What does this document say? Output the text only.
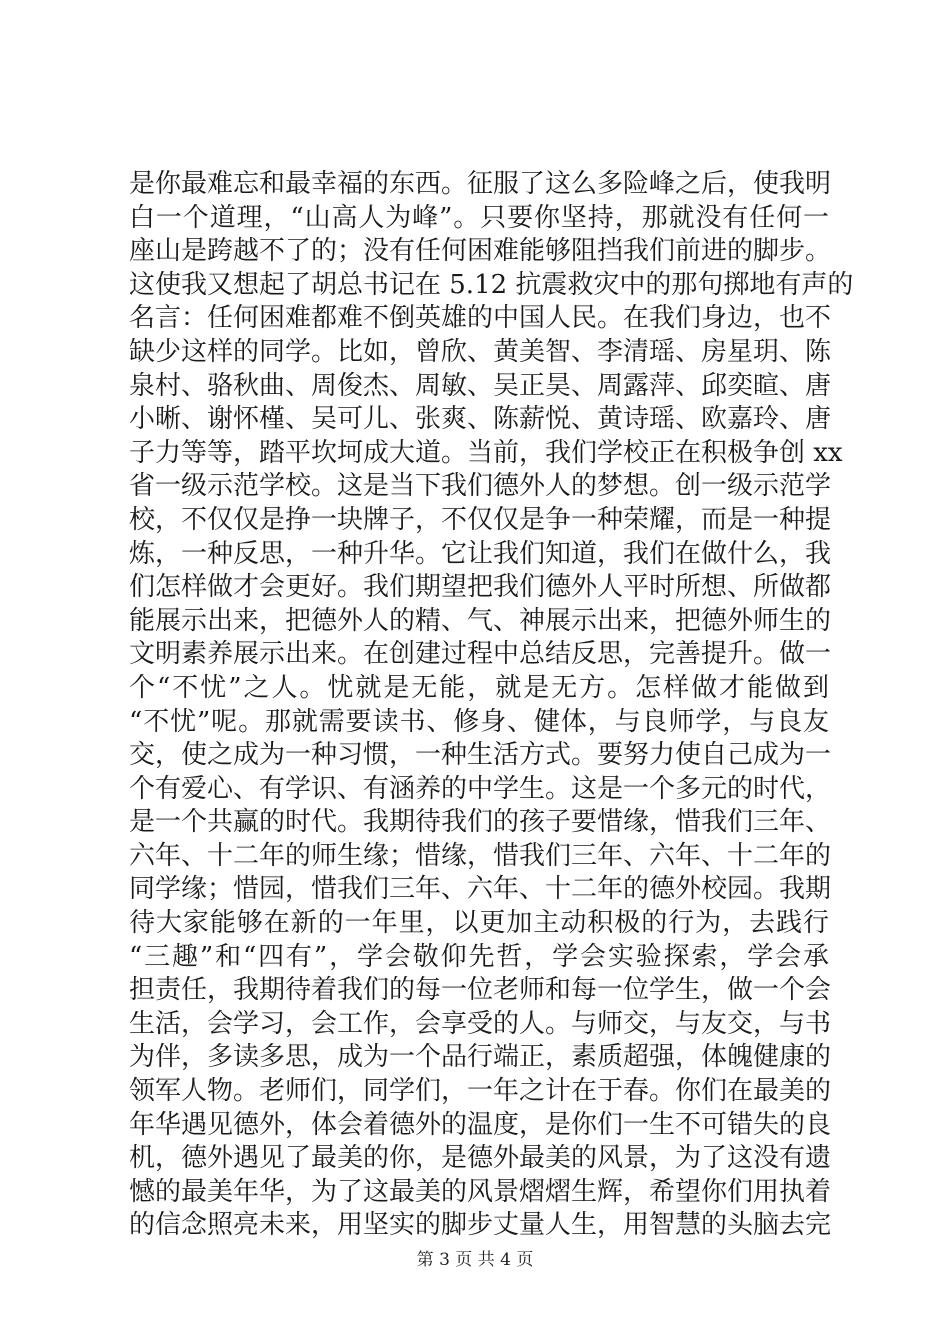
是你最难忘和最幸福的东西。征服了这么多险峰之后，使我明
白一个道理，“山高人为峰”。只要你坚持，那就没有任何一
座山是跨越不了的；没有任何困难能够阻挡我们前进的脚步。
这使我又想起了胡总书记在 5.12 抗震救灾中的那句掷地有声的
名言：任何困难都难不倒英雄的中国人民。在我们身边，也不
缺少这样的同学。比如，曾欣、黄美智、李清瑶、房星玥、陈
泉村、骆秋曲、周俊杰、周敏、吴正昊、周露萍、邱奕暄、唐
小晰、谢怀槿、吴可儿、张爽、陈薪悦、黄诗瑶、欧嘉玲、唐
子力等等，踏平坎坷成大道。当前，我们学校正在积极争创 xx
省一级示范学校。这是当下我们德外人的梦想。创一级示范学
校，不仅仅是挣一块牌子，不仅仅是争一种荣耀，而是一种提
炼，一种反思，一种升华。它让我们知道，我们在做什么，我
们怎样做才会更好。我们期望把我们德外人平时所想、所做都
能展示出来，把德外人的精、气、神展示出来，把德外师生的
文明素养展示出来。在创建过程中总结反思，完善提升。做一
个“不忧”之人。忧就是无能，就是无方。怎样做才能做到
“不忧”呢。那就需要读书、修身、健体，与良师学，与良友
交，使之成为一种习惯，一种生活方式。要努力使自己成为一
个有爱心、有学识、有涵养的中学生。这是一个多元的时代，
是一个共赢的时代。我期待我们的孩子要惜缘，惜我们三年、
六年、十二年的师生缘；惜缘，惜我们三年、六年、十二年的
同学缘；惜园，惜我们三年、六年、十二年的德外校园。我期
待大家能够在新的一年里，以更加主动积极的行为，去践行
“三趣”和“四有”，学会敬仰先哲，学会实验探索，学会承
担责任，我期待着我们的每一位老师和每一位学生，做一个会
生活，会学习，会工作，会享受的人。与师交，与友交，与书
为伴，多读多思，成为一个品行端正，素质超强，体魄健康的
领军人物。老师们，同学们，一年之计在于春。你们在最美的
年华遇见德外，体会着德外的温度，是你们一生不可错失的良
机，德外遇见了最美的你，是德外最美的风景，为了这没有遗
憾的最美年华，为了这最美的风景熠熠生辉，希望你们用执着
的信念照亮未来，用坚实的脚步丈量人生，用智慧的头脑去完
第 3 页 共 4 页
